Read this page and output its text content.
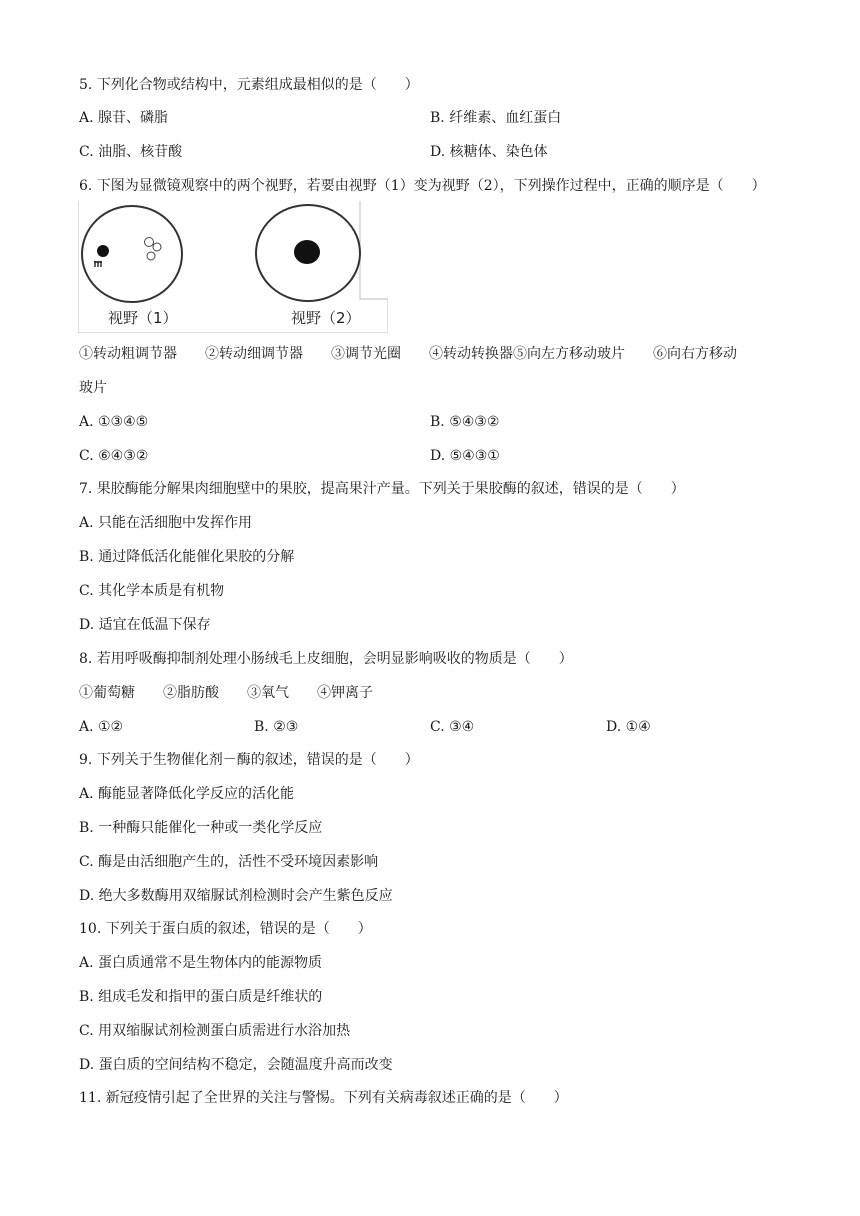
5. 下列化合物或结构中，元素组成最相似的是（　　）
A. 腺苷、磷脂	B. 纤维素、血红蛋白
C. 油脂、核苷酸	D. 核糖体、染色体
6. 下图为显微镜观察中的两个视野，若要由视野（1）变为视野（2），下列操作过程中，正确的顺序是（　　）
视野（1）	视野（2）
①转动粗调节器　　②转动细调节器　　③调节光圈　　④转动转换器⑤向左方移动玻片　　⑥向右方移动
玻片
A. ①③④⑤	B. ⑤④③②
C. ⑥④③②	D. ⑤④③①
7. 果胶酶能分解果肉细胞壁中的果胶，提高果汁产量。下列关于果胶酶的叙述，错误的是（　　）
A. 只能在活细胞中发挥作用
B. 通过降低活化能催化果胶的分解
C. 其化学本质是有机物
D. 适宜在低温下保存
8. 若用呼吸酶抑制剂处理小肠绒毛上皮细胞，会明显影响吸收的物质是（　　）
①葡萄糖　　②脂肪酸　　③氧气　　④钾离子
A. ①②	B. ②③	C. ③④	D. ①④
9. 下列关于生物催化剂－酶的叙述，错误的是（　　）
A. 酶能显著降低化学反应的活化能
B. 一种酶只能催化一种或一类化学反应
C. 酶是由活细胞产生的，活性不受环境因素影响
D. 绝大多数酶用双缩脲试剂检测时会产生紫色反应
10. 下列关于蛋白质的叙述，错误的是（　　）
A. 蛋白质通常不是生物体内的能源物质
B. 组成毛发和指甲的蛋白质是纤维状的
C. 用双缩脲试剂检测蛋白质需进行水浴加热
D. 蛋白质的空间结构不稳定，会随温度升高而改变
11. 新冠疫情引起了全世界的关注与警惕。下列有关病毒叙述正确的是（　　）
